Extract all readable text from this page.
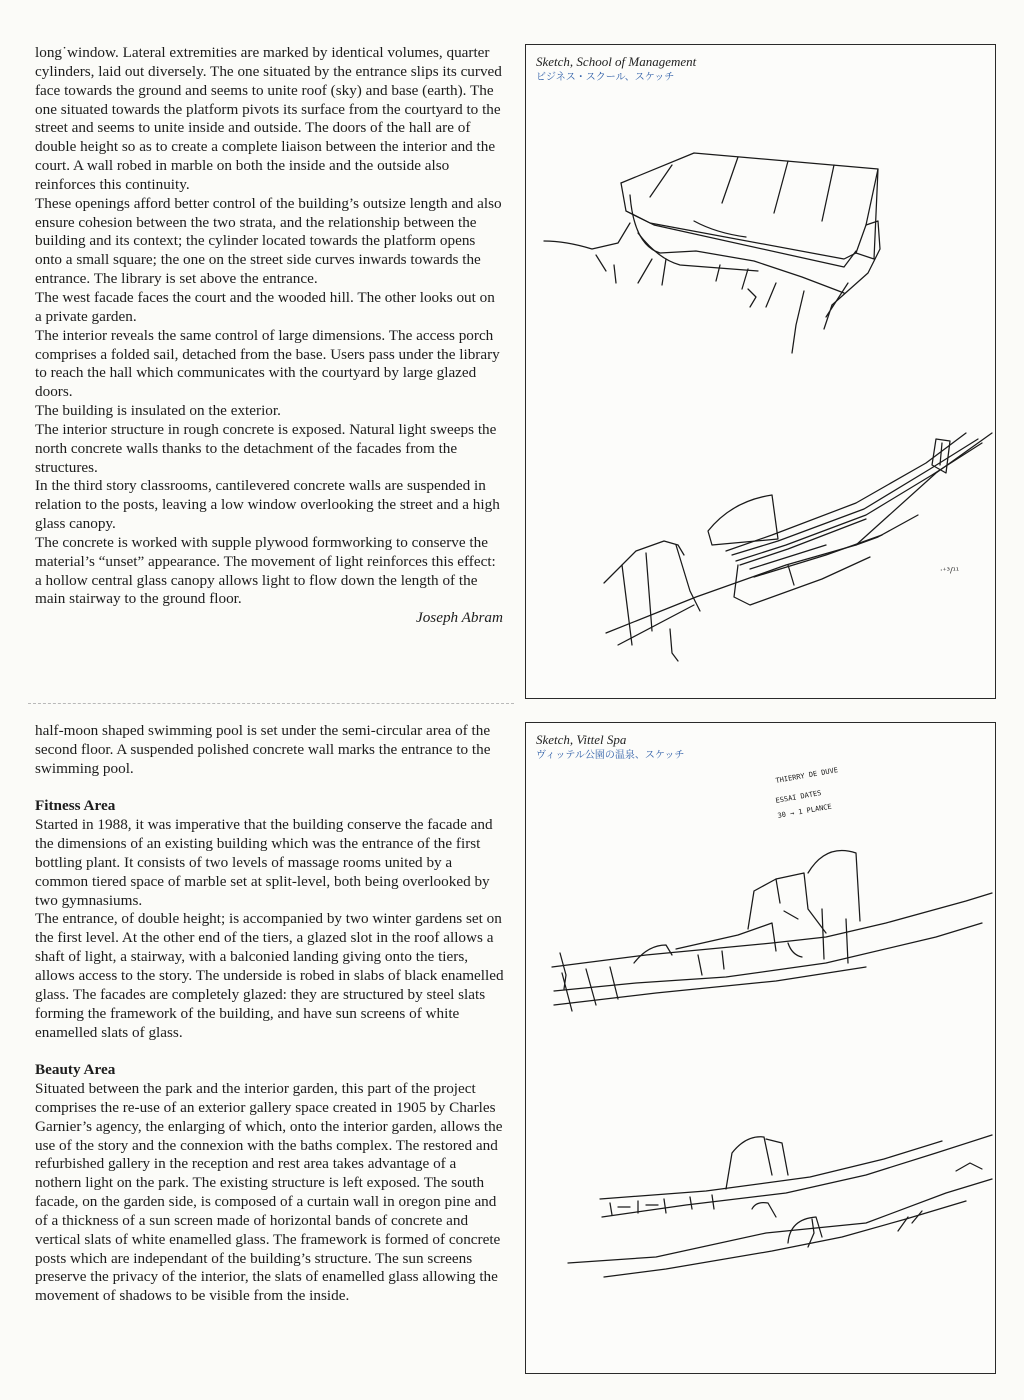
long˙window. Lateral extremities are marked by identical volumes, quarter cylinders, laid out diversely. The one situated by the entrance slips its curved face towards the ground and seems to unite roof (sky) and base (earth). The one situated towards the platform pivots its surface from the courtyard to the street and seems to unite inside and outside. The doors of the hall are of double height so as to create a complete liaison between the interior and the court. A wall robed in marble on both the inside and the outside also reinforces this continuity.

These openings afford better control of the building’s outsize length and also ensure cohesion between the two strata, and the relationship between the building and its context; the cylinder located towards the platform opens onto a small square; the one on the street side curves inwards towards the entrance. The library is set above the entrance.

The west facade faces the court and the wooded hill. The other looks out on a private garden.

The interior reveals the same control of large dimensions. The access porch comprises a folded sail, detached from the base. Users pass under the library to reach the hall which communicates with the courtyard by large glazed doors.

The building is insulated on the exterior.

The interior structure in rough concrete is exposed. Natural light sweeps the north concrete walls thanks to the detachment of the facades from the structures.

In the third story classrooms, cantilevered concrete walls are suspended in relation to the posts, leaving a low window overlooking the street and a high glass canopy.

The concrete is worked with supple plywood formworking to conserve the material’s “unset” appearance. The movement of light reinforces this effect: a hollow central glass canopy allows light to flow down the length of the main stairway to the ground floor.

Joseph Abram

half-moon shaped swimming pool is set under the semi-circular area of the second floor. A suspended polished concrete wall marks the entrance to the swimming pool.

Fitness Area

Started in 1988, it was imperative that the building conserve the facade and the dimensions of an existing building which was the entrance of the first bottling plant. It consists of two levels of massage rooms united by a common tiered space of marble set at split-level, both being overlooked by two gymnasiums.

The entrance, of double height; is accompanied by two winter gardens set on the first level. At the other end of the tiers, a glazed slot in the roof allows a shaft of light, a stairway, with a balconied landing giving onto the tiers, allows access to the story. The underside is robed in slabs of black enamelled glass. The facades are completely glazed: they are structured by steel slats forming the framework of the building, and have sun screens of white enamelled slats of glass.

Beauty Area

Situated between the park and the interior garden, this part of the project comprises the re-use of an exterior gallery space created in 1905 by Charles Garnier’s agency, the enlarging of which, onto the interior garden, allows the use of the story and the connexion with the baths complex. The restored and refurbished gallery in the reception and rest area takes advantage of a nothern light on the park. The existing structure is left exposed. The south facade, on the garden side, is composed of a curtain wall in oregon pine and of a thickness of a sun screen made of horizontal bands of concrete and vertical slats of white enamelled glass. The framework is formed of concrete posts which are independant of the building’s structure. The sun screens preserve the privacy of the interior, the slats of enamelled glass allowing the movement of shadows to be visible from the inside.

‧⁺³/¹¹
Sketch, School of Management
ビジネス・スクール、スケッチ
THIERRY DE DUVE
ESSAI DATES
30 → 1 PLANCE
Sketch, Vittel Spa
ヴィッテル公園の温泉、スケッチ
